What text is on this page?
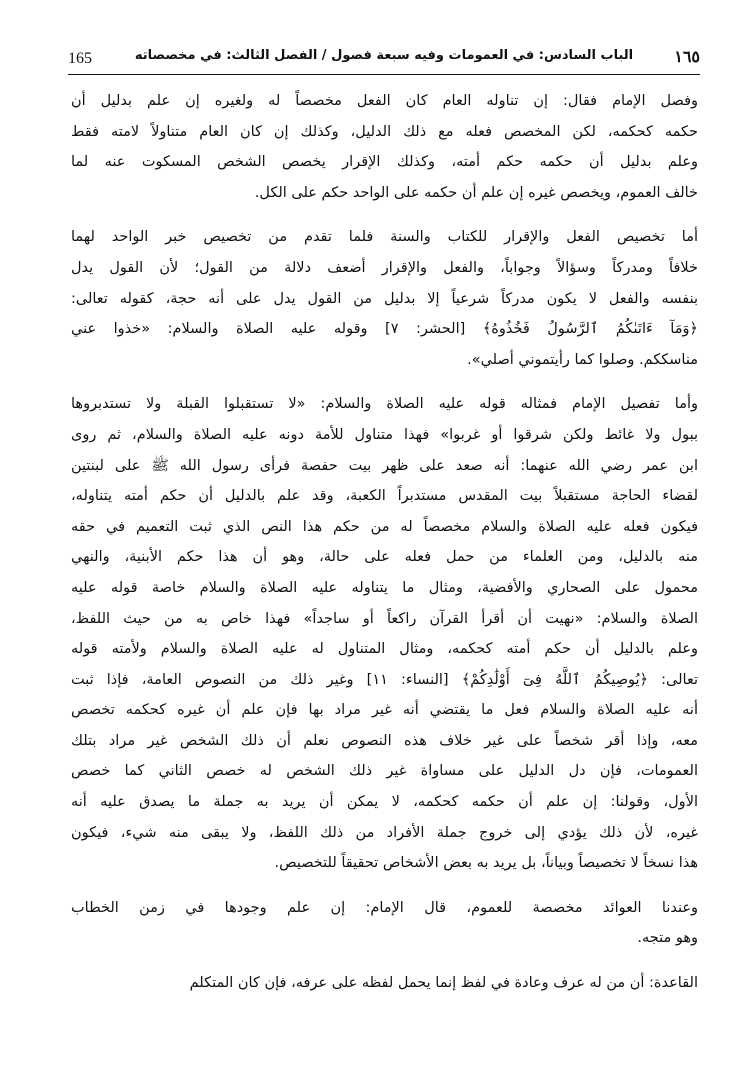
165	الباب السادس: في العمومات وفيه سبعة فصول / الفصل الثالث: في مخصصاته	١٦٥
وفصل الإمام فقال: إن تناوله العام كان الفعل مخصصاً له ولغيره إن علم بدليل أن
حكمه كحكمه، لكن المخصص فعله مع ذلك الدليل، وكذلك إن كان العام متناولاً لامته فقط
وعلم بدليل أن حكمه حكم أمته، وكذلك الإقرار يخصص الشخص المسكوت عنه لما
خالف العموم، ويخصص غيره إن علم أن حكمه على الواحد حكم على الكل.
أما تخصيص الفعل والإقرار للكتاب والسنة فلما تقدم من تخصيص خبر الواحد لهما
خلافاً ومدركاً وسؤالاً وجواباً، والفعل والإقرار أضعف دلالة من القول؛ لأن القول يدل
بنفسه والفعل لا يكون مدركاً شرعياً إلا بدليل من القول يدل على أنه حجة، كقوله تعالى:
﴿وَمَآ ءَاتَىٰكُمُ ٱلرَّسُولُ فَخُذُوهُ﴾ [الحشر: ٧] وقوله عليه الصلاة والسلام: «خذوا عني
مناسككم. وصلوا كما رأيتموني أصلي».
وأما تفصيل الإمام فمثاله قوله عليه الصلاة والسلام: «لا تستقبلوا القبلة ولا تستدبروها
ببول ولا غائط ولكن شرقوا أو غربوا» فهذا متناول للأمة دونه عليه الصلاة والسلام، ثم روى
ابن عمر رضي الله عنهما: أنه صعد على ظهر بيت حفصة فرأى رسول الله ﷺ على لبنتين
لقضاء الحاجة مستقبلاً بيت المقدس مستدبراً الكعبة، وقد علم بالدليل أن حكم أمته يتناوله،
فيكون فعله عليه الصلاة والسلام مخصصاً له من حكم هذا النص الذي ثبت التعميم في حقه
منه بالدليل، ومن العلماء من حمل فعله على حالة، وهو أن هذا حكم الأبنية، والنهي
محمول على الصحاري والأفضية، ومثال ما يتناوله عليه الصلاة والسلام خاصة قوله عليه
الصلاة والسلام: «نهيت أن أقرأ القرآن راكعاً أو ساجداً» فهذا خاص به من حيث اللفظ،
وعلم بالدليل أن حكم أمته كحكمه، ومثال المتناول له عليه الصلاة والسلام ولأمته قوله
تعالى: ﴿يُوصِيكُمُ ٱللَّهُ فِىٓ أَوْلَٰدِكُمْ﴾ [النساء: ١١] وغير ذلك من النصوص العامة، فإذا ثبت
أنه عليه الصلاة والسلام فعل ما يقتضي أنه غير مراد بها فإن علم أن غيره كحكمه تخصص
معه، وإذا أقر شخصاً على غير خلاف هذه النصوص نعلم أن ذلك الشخص غير مراد بتلك
العمومات، فإن دل الدليل على مساواة غير ذلك الشخص له خصص الثاني كما خصص
الأول، وقولنا: إن علم أن حكمه كحكمه، لا يمكن أن يريد به جملة ما يصدق عليه أنه
غيره، لأن ذلك يؤدي إلى خروج جملة الأفراد من ذلك اللفظ، ولا يبقى منه شيء، فيكون
هذا نسخاً لا تخصيصاً وبياناً، بل يريد به بعض الأشخاص تحقيقاً للتخصيص.
وعندنا العوائد مخصصة للعموم، قال الإمام: إن علم وجودها في زمن الخطاب
وهو متجه.
القاعدة: أن من له عرف وعادة في لفظ إنما يحمل لفظه على عرفه، فإن كان المتكلم
